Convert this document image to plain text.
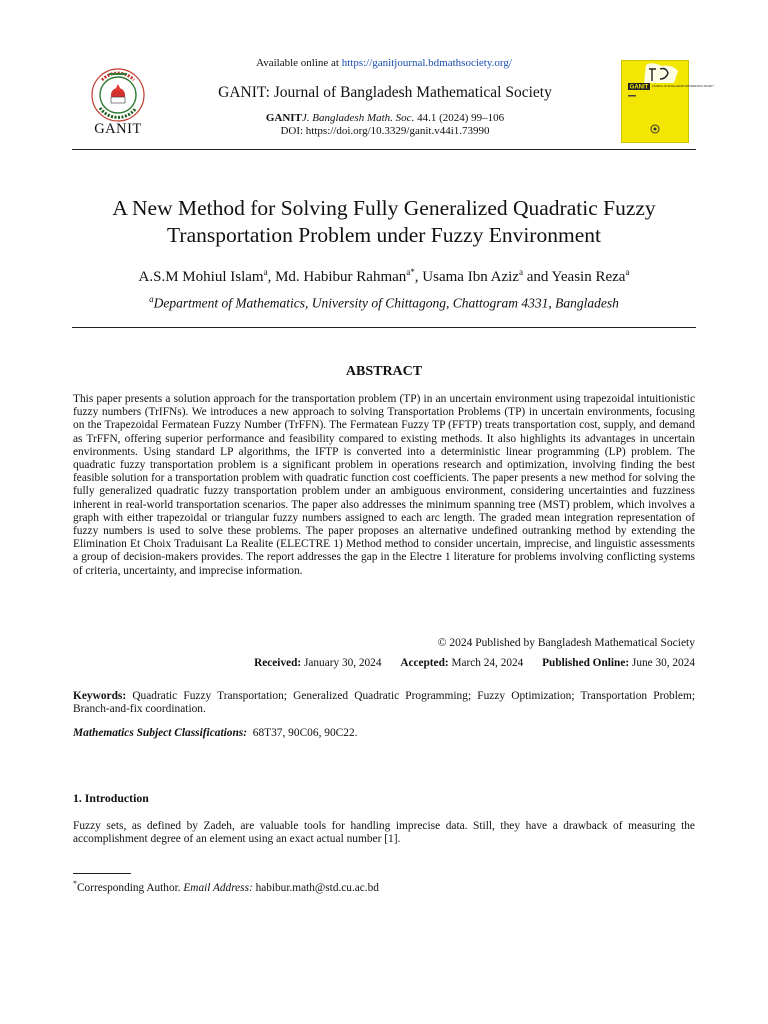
Available online at https://ganitjournal.bdmathsociety.org/
GANIT
GANIT: Journal of Bangladesh Mathematical Society
GANITJ. Bangladesh Math. Soc. 44.1 (2024) 99–106
DOI: https://doi.org/10.3329/ganit.v44i1.73990
GANIT JOURNAL OF BANGLADESH MATHEMATICAL SOCIETY
A New Method for Solving Fully Generalized Quadratic Fuzzy
Transportation Problem under Fuzzy Environment
A.S.M Mohiul Islam$^a$, Md. Habibur Rahman$^{a*}$, Usama Ibn Aziz$^a$ and Yeasin Reza$^a$
$^a$Department of Mathematics, University of Chittagong, Chattogram 4331, Bangladesh
ABSTRACT
This paper presents a solution approach for the transportation problem (TP) in an uncertain environment using trapezoidal intuitionistic fuzzy numbers (TrIFNs). We introduces a new approach to solving Transportation Problems (TP) in uncertain environments, focusing on the Trapezoidal Fermatean Fuzzy Number (TrFFN). The Fermatean Fuzzy TP (FFTP) treats transportation cost, supply, and demand as TrFFN, offering superior performance and feasibility compared to existing methods. It also highlights its advantages in uncertain environments. Using standard LP algorithms, the IFTP is converted into a deterministic linear programming (LP) problem. The quadratic fuzzy transportation problem is a significant problem in operations research and optimization, involving finding the best feasible solution for a transportation problem with quadratic function cost coefficients. The paper presents a new method for solving the fully generalized quadratic fuzzy transportation problem under an ambiguous environment, considering uncertainties and fuzziness inherent in real-world transportation scenarios. The paper also addresses the minimum spanning tree (MST) problem, which involves a graph with either trapezoidal or triangular fuzzy numbers assigned to each arc length. The graded mean integration representation of fuzzy numbers is used to solve these problems. The paper proposes an alternative undefined outranking method by extending the Elimination Et Choix Traduisant La Realite (ELECTRE 1) Method method to consider uncertain, imprecise, and linguistic assessments a group of decision-makers provides. The report addresses the gap in the Electre 1 literature for problems involving conflicting systems of criteria, uncertainty, and imprecise information.
© 2024 Published by Bangladesh Mathematical Society
Received: January 30, 2024 Accepted: March 24, 2024 Published Online: June 30, 2024
Keywords: Quadratic Fuzzy Transportation; Generalized Quadratic Programming; Fuzzy Optimization; Transportation Problem; Branch-and-fix coordination.
Mathematics Subject Classifications: 68T37, 90C06, 90C22.
1. Introduction
Fuzzy sets, as defined by Zadeh, are valuable tools for handling imprecise data. Still, they have a drawback of measuring the accomplishment degree of an element using an exact actual number [1].
*Corresponding Author. Email Address: habibur.math@std.cu.ac.bd
